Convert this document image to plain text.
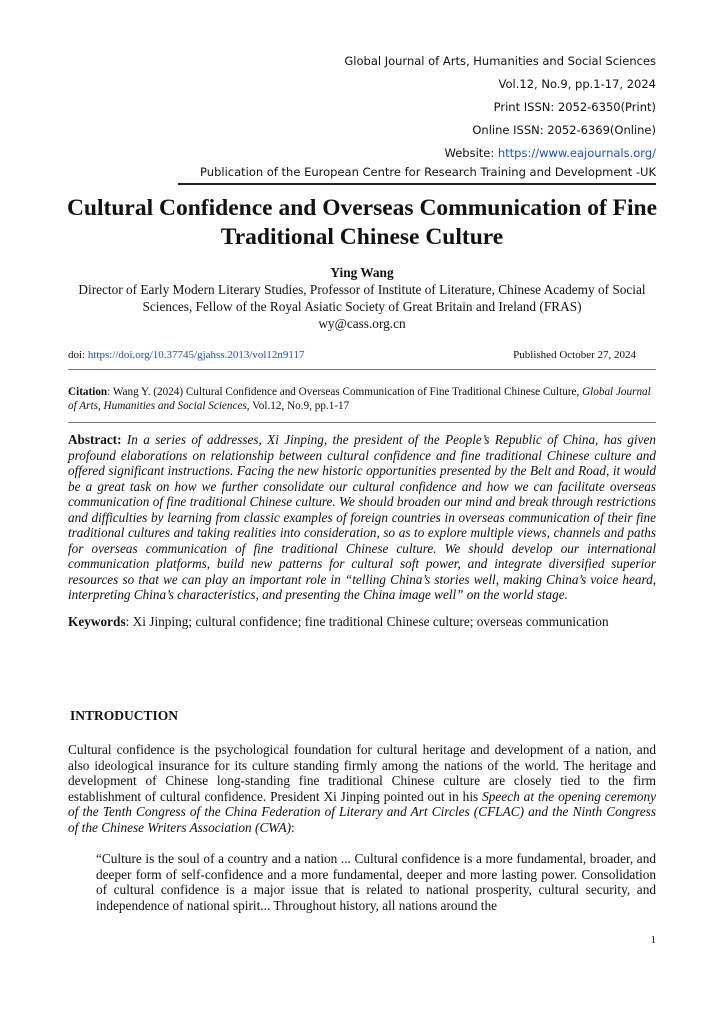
Global Journal of Arts, Humanities and Social Sciences
Vol.12, No.9, pp.1-17, 2024
Print ISSN: 2052-6350(Print)
Online ISSN: 2052-6369(Online)
Website: https://www.eajournals.org/
Publication of the European Centre for Research Training and Development -UK
Cultural Confidence and Overseas Communication of Fine Traditional Chinese Culture
Ying Wang
Director of Early Modern Literary Studies, Professor of Institute of Literature, Chinese Academy of Social Sciences, Fellow of the Royal Asiatic Society of Great Britain and Ireland (FRAS)
wy@cass.org.cn
doi: https://doi.org/10.37745/gjahss.2013/vol12n9117	Published October 27, 2024
Citation: Wang Y. (2024) Cultural Confidence and Overseas Communication of Fine Traditional Chinese Culture, Global Journal of Arts, Humanities and Social Sciences, Vol.12, No.9, pp.1-17
Abstract: In a series of addresses, Xi Jinping, the president of the People’s Republic of China, has given profound elaborations on relationship between cultural confidence and fine traditional Chinese culture and offered significant instructions. Facing the new historic opportunities presented by the Belt and Road, it would be a great task on how we further consolidate our cultural confidence and how we can facilitate overseas communication of fine traditional Chinese culture. We should broaden our mind and break through restrictions and difficulties by learning from classic examples of foreign countries in overseas communication of their fine traditional cultures and taking realities into consideration, so as to explore multiple views, channels and paths for overseas communication of fine traditional Chinese culture. We should develop our international communication platforms, build new patterns for cultural soft power, and integrate diversified superior resources so that we can play an important role in “telling China’s stories well, making China’s voice heard, interpreting China’s characteristics, and presenting the China image well” on the world stage.
Keywords: Xi Jinping; cultural confidence; fine traditional Chinese culture; overseas communication
INTRODUCTION
Cultural confidence is the psychological foundation for cultural heritage and development of a nation, and also ideological insurance for its culture standing firmly among the nations of the world. The heritage and development of Chinese long-standing fine traditional Chinese culture are closely tied to the firm establishment of cultural confidence. President Xi Jinping pointed out in his Speech at the opening ceremony of the Tenth Congress of the China Federation of Literary and Art Circles (CFLAC) and the Ninth Congress of the Chinese Writers Association (CWA):
“Culture is the soul of a country and a nation ... Cultural confidence is a more fundamental, broader, and deeper form of self-confidence and a more fundamental, deeper and more lasting power. Consolidation of cultural confidence is a major issue that is related to national prosperity, cultural security, and independence of national spirit... Throughout history, all nations around the
1
